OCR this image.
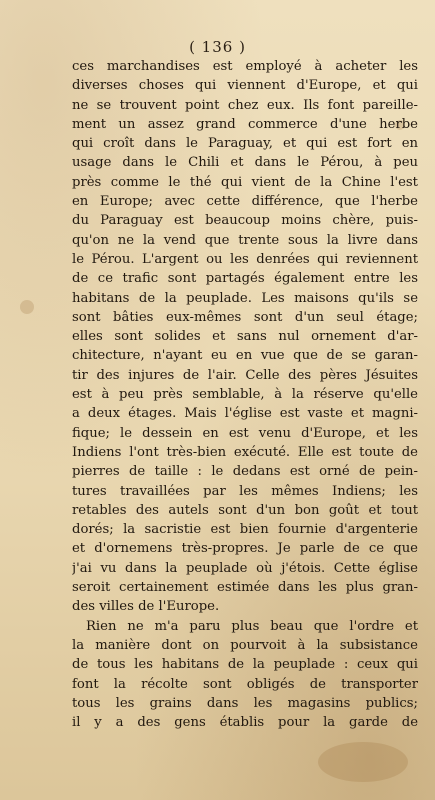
( 136 )
ces marchandises est employé à acheter les
diverses choses qui viennent d'Europe, et qui
ne se trouvent point chez eux. Ils font pareille-
ment un assez grand commerce d'une herbe
qui croît dans le Paraguay, et qui est fort en
usage dans le Chili et dans le Pérou, à peu
près comme le thé qui vient de la Chine l'est
en Europe; avec cette différence, que l'herbe
du Paraguay est beaucoup moins chère, puis-
qu'on ne la vend que trente sous la livre dans
le Pérou. L'argent ou les denrées qui reviennent
de ce trafic sont partagés également entre les
habitans de la peuplade. Les maisons qu'ils se
sont bâties eux-mêmes sont d'un seul étage;
elles sont solides et sans nul ornement d'ar-
chitecture, n'ayant eu en vue que de se garan-
tir des injures de l'air. Celle des pères Jésuites
est à peu près semblable, à la réserve qu'elle
a deux étages. Mais l'église est vaste et magni-
fique; le dessein en est venu d'Europe, et les
Indiens l'ont très-bien exécuté. Elle est toute de
pierres de taille : le dedans est orné de pein-
tures travaillées par les mêmes Indiens; les
retables des autels sont d'un bon goût et tout
dorés; la sacristie est bien fournie d'argenterie
et d'ornemens très-propres. Je parle de ce que
j'ai vu dans la peuplade où j'étois. Cette église
seroit certainement estimée dans les plus gran-
des villes de l'Europe.
Rien ne m'a paru plus beau que l'ordre et
la manière dont on pourvoit à la subsistance
de tous les habitans de la peuplade : ceux qui
font la récolte sont obligés de transporter
tous les grains dans les magasins publics;
il y a des gens établis pour la garde de
